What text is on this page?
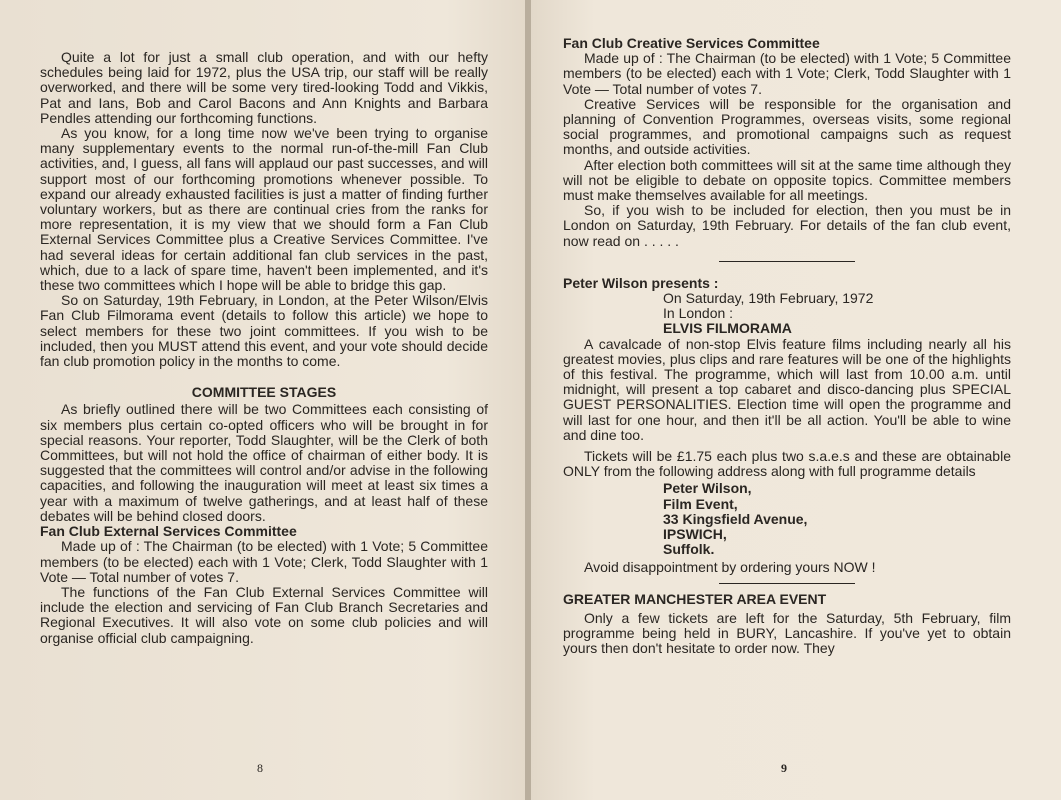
Quite a lot for just a small club operation, and with our hefty schedules being laid for 1972, plus the USA trip, our staff will be really overworked, and there will be some very tired-looking Todd and Vikkis, Pat and Ians, Bob and Carol Bacons and Ann Knights and Barbara Pendles attending our forthcoming functions.

As you know, for a long time now we've been trying to organise many supplementary events to the normal run-of-the-mill Fan Club activities, and, I guess, all fans will applaud our past successes, and will support most of our forthcoming promotions whenever possible. To expand our already exhausted facilities is just a matter of finding further voluntary workers, but as there are continual cries from the ranks for more representation, it is my view that we should form a Fan Club External Services Committee plus a Creative Services Committee. I've had several ideas for certain additional fan club services in the past, which, due to a lack of spare time, haven't been implemented, and it's these two committees which I hope will be able to bridge this gap.

So on Saturday, 19th February, in London, at the Peter Wilson/Elvis Fan Club Filmorama event (details to follow this article) we hope to select members for these two joint committees. If you wish to be included, then you MUST attend this event, and your vote should decide fan club promotion policy in the months to come.

COMMITTEE STAGES

As briefly outlined there will be two Committees each consisting of six members plus certain co-opted officers who will be brought in for special reasons. Your reporter, Todd Slaughter, will be the Clerk of both Committees, but will not hold the office of chairman of either body. It is suggested that the committees will control and/or advise in the following capacities, and following the inauguration will meet at least six times a year with a maximum of twelve gatherings, and at least half of these debates will be behind closed doors.

Fan Club External Services Committee

Made up of : The Chairman (to be elected) with 1 Vote; 5 Committee members (to be elected) each with 1 Vote; Clerk, Todd Slaughter with 1 Vote — Total number of votes 7.

The functions of the Fan Club External Services Committee will include the election and servicing of Fan Club Branch Secretaries and Regional Executives. It will also vote on some club policies and will organise official club campaigning.

8

Fan Club Creative Services Committee

Made up of : The Chairman (to be elected) with 1 Vote; 5 Committee members (to be elected) each with 1 Vote; Clerk, Todd Slaughter with 1 Vote — Total number of votes 7.

Creative Services will be responsible for the organisation and planning of Convention Programmes, overseas visits, some regional social programmes, and promotional campaigns such as request months, and outside activities.

After election both committees will sit at the same time although they will not be eligible to debate on opposite topics. Committee members must make themselves available for all meetings.

So, if you wish to be included for election, then you must be in London on Saturday, 19th February. For details of the fan club event, now read on . . . . .

Peter Wilson presents :

On Saturday, 19th February, 1972
In London :
ELVIS FILMORAMA

A cavalcade of non-stop Elvis feature films including nearly all his greatest movies, plus clips and rare features will be one of the highlights of this festival. The programme, which will last from 10.00 a.m. until midnight, will present a top cabaret and disco-dancing plus SPECIAL GUEST PERSONALITIES. Election time will open the programme and will last for one hour, and then it'll be all action. You'll be able to wine and dine too.

Tickets will be £1.75 each plus two s.a.e.s and these are obtainable ONLY from the following address along with full programme details

Peter Wilson,
Film Event,
33 Kingsfield Avenue,
IPSWICH,
Suffolk.

Avoid disappointment by ordering yours NOW !

GREATER MANCHESTER AREA EVENT

Only a few tickets are left for the Saturday, 5th February, film programme being held in BURY, Lancashire. If you've yet to obtain yours then don't hesitate to order now. They

9
